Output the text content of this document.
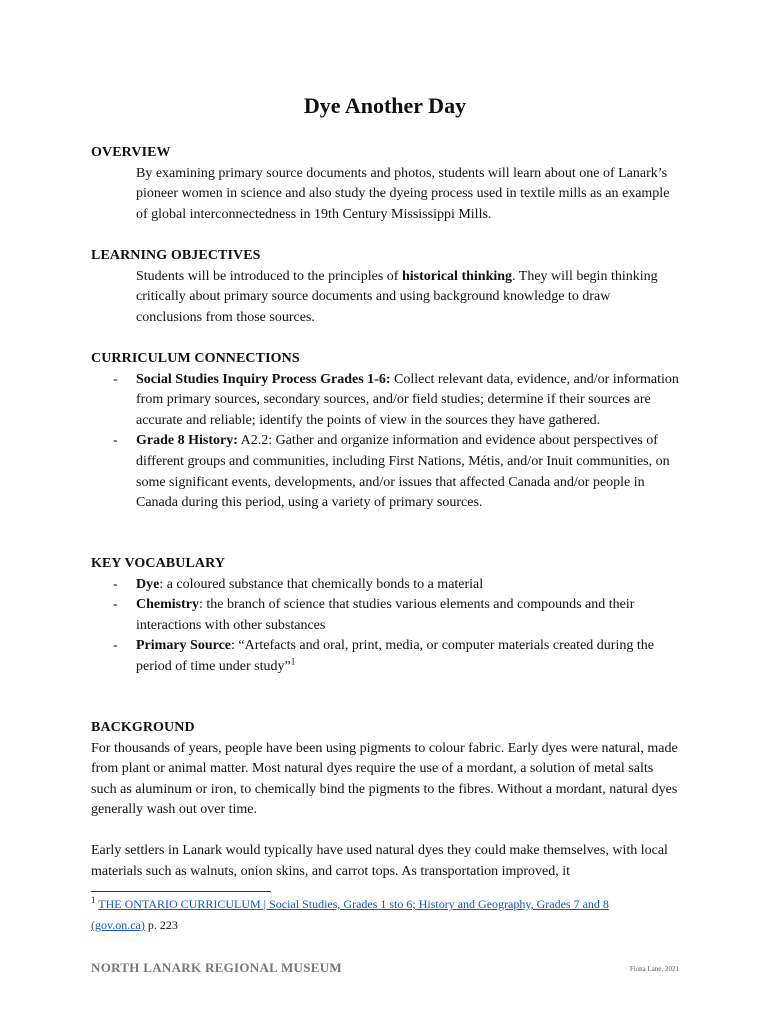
Dye Another Day
OVERVIEW
By examining primary source documents and photos, students will learn about one of Lanark’s pioneer women in science and also study the dyeing process used in textile mills as an example of global interconnectedness in 19th Century Mississippi Mills.
LEARNING OBJECTIVES
Students will be introduced to the principles of historical thinking. They will begin thinking critically about primary source documents and using background knowledge to draw conclusions from those sources.
CURRICULUM CONNECTIONS
- Social Studies Inquiry Process Grades 1-6: Collect relevant data, evidence, and/or information from primary sources, secondary sources, and/or field studies; determine if their sources are accurate and reliable; identify the points of view in the sources they have gathered.
- Grade 8 History: A2.2: Gather and organize information and evidence about perspectives of different groups and communities, including First Nations, Métis, and/or Inuit communities, on some significant events, developments, and/or issues that affected Canada and/or people in Canada during this period, using a variety of primary sources.
KEY VOCABULARY
- Dye: a coloured substance that chemically bonds to a material
- Chemistry: the branch of science that studies various elements and compounds and their interactions with other substances
- Primary Source: “Artefacts and oral, print, media, or computer materials created during the period of time under study”$^1$
BACKGROUND
For thousands of years, people have been using pigments to colour fabric. Early dyes were natural, made from plant or animal matter. Most natural dyes require the use of a mordant, a solution of metal salts such as aluminum or iron, to chemically bind the pigments to the fibres. Without a mordant, natural dyes generally wash out over time.
Early settlers in Lanark would typically have used natural dyes they could make themselves, with local materials such as walnuts, onion skins, and carrot tops. As transportation improved, it
$^1$ THE ONTARIO CURRICULUM | Social Studies, Grades 1 sto 6; History and Geography, Grades 7 and 8 (gov.on.ca) p. 223
NORTH LANARK REGIONAL MUSEUM	Fiona Lane, 2021
